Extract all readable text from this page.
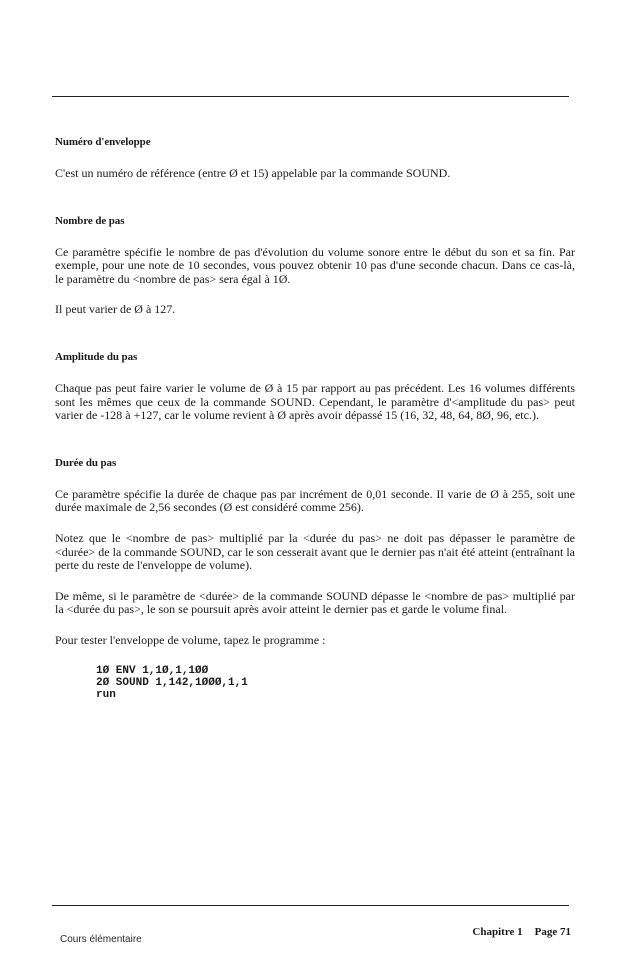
Numéro d'enveloppe

C'est un numéro de référence (entre Ø et 15) appelable par la commande SOUND.

Nombre de pas

Ce paramètre spécifie le nombre de pas d'évolution du volume sonore entre le début du son et sa fin. Par exemple, pour une note de 10 secondes, vous pouvez obtenir 10 pas d'une seconde chacun. Dans ce cas-là, le paramètre du <nombre de pas> sera égal à 1Ø.

Il peut varier de Ø à 127.

Amplitude du pas

Chaque pas peut faire varier le volume de Ø à 15 par rapport au pas précédent. Les 16 volumes différents sont les mêmes que ceux de la commande SOUND. Cependant, le paramètre d'<amplitude du pas> peut varier de -128 à +127, car le volume revient à Ø après avoir dépassé 15 (16, 32, 48, 64, 8Ø, 96, etc.).

Durée du pas

Ce paramètre spécifie la durée de chaque pas par incrément de 0,01 seconde. Il varie de Ø à 255, soit une durée maximale de 2,56 secondes (Ø est considéré comme 256).

Notez que le <nombre de pas> multiplié par la <durée du pas> ne doit pas dépasser le paramètre de <durée> de la commande SOUND, car le son cesserait avant que le dernier pas n'ait été atteint (entraînant la perte du reste de l'enveloppe de volume).

De même, si le paramètre de <durée> de la commande SOUND dépasse le <nombre de pas> multiplié par la <durée du pas>, le son se poursuit après avoir atteint le dernier pas et garde le volume final.

Pour tester l'enveloppe de volume, tapez le programme :

1Ø ENV 1,1Ø,1,1ØØ
2Ø SOUND 1,142,1ØØØ,1,1
run
Cours élémentaire
Chapitre 1 Page 71
